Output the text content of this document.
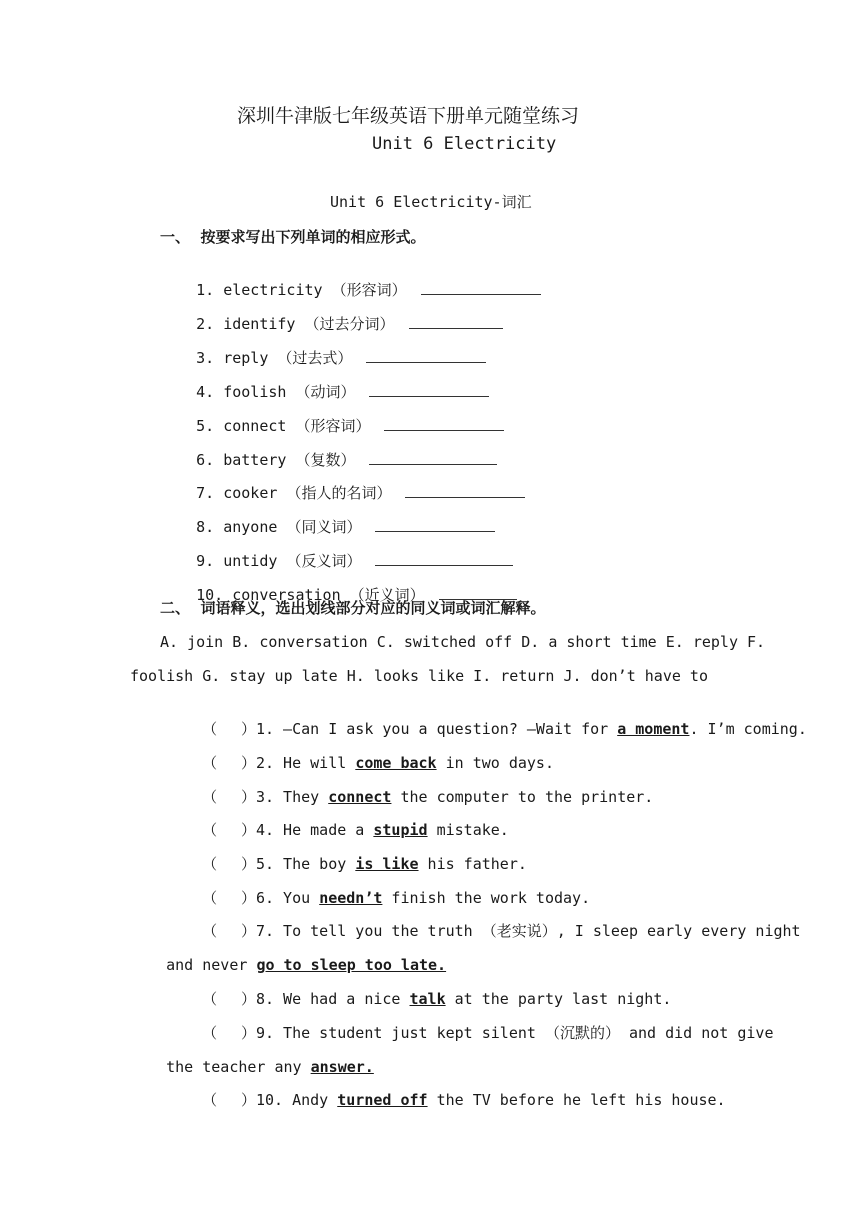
深圳牛津版七年级英语下册单元随堂练习
Unit 6 Electricity
Unit 6 Electricity-词汇
一、  按要求写出下列单词的相应形式。

1. electricity （形容词）

2. identify （过去分词）

3. reply （过去式）

4. foolish （动词）

5. connect （形容词）

6. battery （复数）

7. cooker （指人的名词）

8. anyone （同义词）

9. untidy （反义词）

10. conversation （近义词）

二、  词语释义，选出划线部分对应的同义词或词汇解释。
A. join B. conversation C. switched off D. a short time E. reply F.
foolish G. stay up late H. looks like I. return J. don’t have to

（     ）1. —Can I ask you a question? —Wait for a moment. I’m coming.

（     ）2. He will come back in two days.

（     ）3. They connect the computer to the printer.

（     ）4. He made a stupid mistake.

（     ）5. The boy is like his father.

（     ）6. You needn’t finish the work today.

（     ）7. To tell you the truth （老实说）, I sleep early every night

and never go to sleep too late.

（     ）8. We had a nice talk at the party last night.

（     ）9. The student just kept silent （沉默的） and did not give

the teacher any answer.

（     ）10. Andy turned off the TV before he left his house.
